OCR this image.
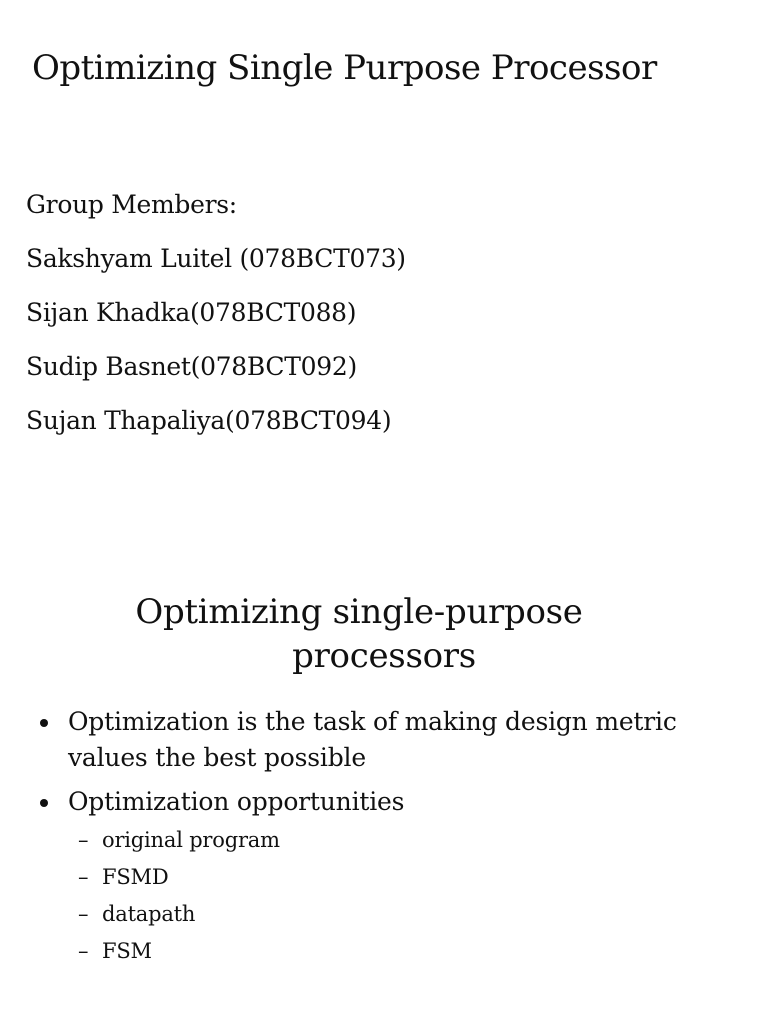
Optimizing Single Purpose Processor
Group Members:
Sakshyam Luitel (078BCT073)
Sijan Khadka(078BCT088)
Sudip Basnet(078BCT092)
Sujan Thapaliya(078BCT094)
Optimizing single-purpose
processors
Optimization is the task of making design metric values the best possible
Optimization opportunities
– original program
– FSMD
– datapath
– FSM
